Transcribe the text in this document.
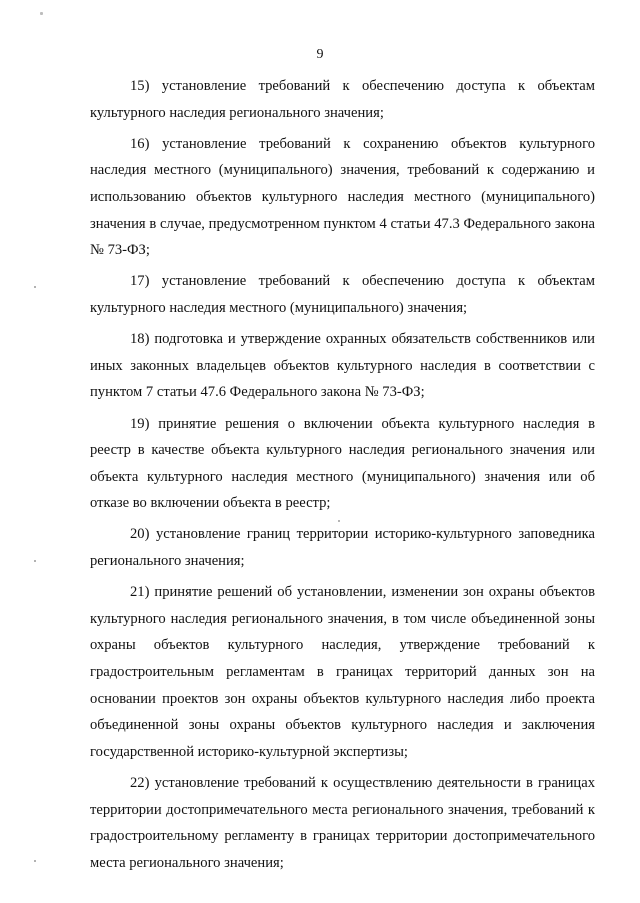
9

15) установление требований к обеспечению доступа к объектам культурного наследия регионального значения;

16) установление требований к сохранению объектов культурного наследия местного (муниципального) значения, требований к содержанию и использованию объектов культурного наследия местного (муниципального) значения в случае, предусмотренном пунктом 4 статьи 47.3 Федерального закона № 73-ФЗ;

17) установление требований к обеспечению доступа к объектам культурного наследия местного (муниципального) значения;

18) подготовка и утверждение охранных обязательств собственников или иных законных владельцев объектов культурного наследия в соответствии с пунктом 7 статьи 47.6 Федерального закона № 73-ФЗ;

19) принятие решения о включении объекта культурного наследия в реестр в качестве объекта культурного наследия регионального значения или объекта культурного наследия местного (муниципального) значения или об отказе во включении объекта в реестр;

20) установление границ территории историко-культурного заповедника регионального значения;

21) принятие решений об установлении, изменении зон охраны объектов культурного наследия регионального значения, в том числе объединенной зоны охраны объектов культурного наследия, утверждение требований к градостроительным регламентам в границах территорий данных зон на основании проектов зон охраны объектов культурного наследия либо проекта объединенной зоны охраны объектов культурного наследия и заключения государственной историко-культурной экспертизы;

22) установление требований к осуществлению деятельности в границах территории достопримечательного места регионального значения, требований к градостроительному регламенту в границах территории достопримечательного места регионального значения;
